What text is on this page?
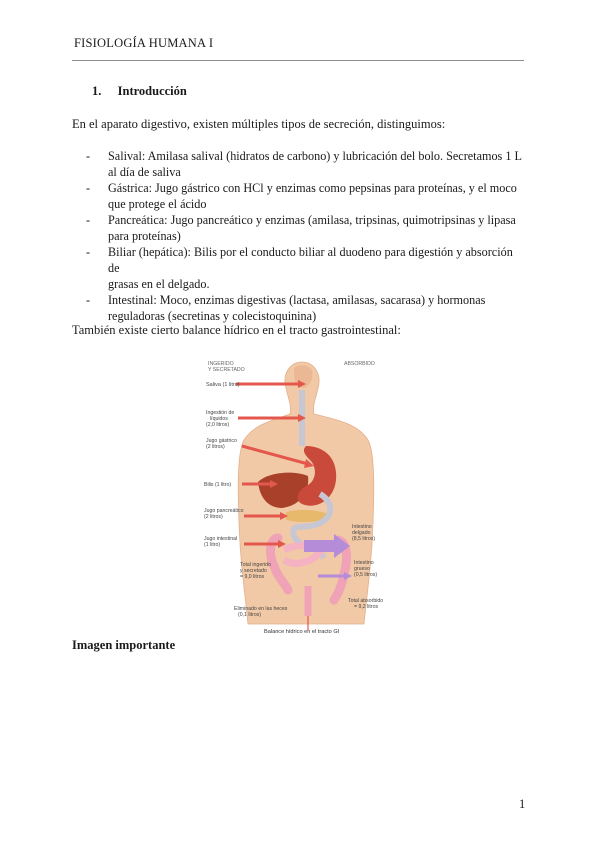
FISIOLOGÍA HUMANA I
1. Introducción
En el aparato digestivo, existen múltiples tipos de secreción, distinguimos:
- Salival: Amilasa salival (hidratos de carbono) y lubricación del bolo. Secretamos 1 L
al día de saliva
- Gástrica: Jugo gástrico con HCl y enzimas como pepsinas para proteínas, y el moco
que protege el ácido
- Pancreática: Jugo pancreático y enzimas (amilasa, tripsinas, quimotripsinas y lipasa
para proteínas)
- Biliar (hepática): Bilis por el conducto biliar al duodeno para digestión y absorción de
grasas en el delgado.
- Intestinal: Moco, enzimas digestivas (lactasa, amilasas, sacarasa) y hormonas
reguladoras (secretinas y colecistoquinina)
También existe cierto balance hídrico en el tracto gastrointestinal:
INGERIDO
Y SECRETADO
ABSORBIDO
Saliva (1 litro)
Ingestión de
líquidos
(2,0 litros)
Jugo gástrico
(2 litros)
Bilis (1 litro)
Jugo pancreático
(2 litros)
Jugo intestinal
(1 litro)
Intestino
delgado
(8,5 litros)
Intestino
grueso
(0,5 litros)
Total ingerido
y secretado
= 9,0 litros
Total absorbido
= 9,2 litros
Eliminado en las heces
(0,1 litros)
Balance hídrico en el tracto GI
Imagen importante
1
